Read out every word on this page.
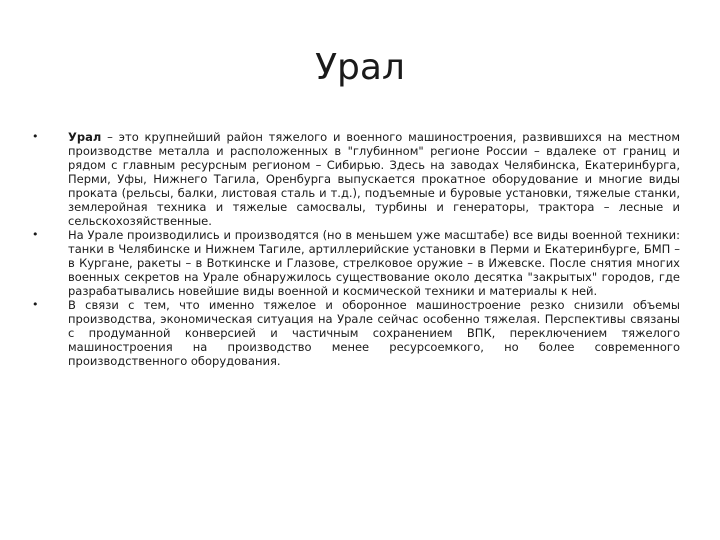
Урал
•	Урал – это крупнейший район тяжелого и военного машиностроения, развившихся на местном производстве металла и расположенных в "глубинном" регионе России – вдалеке от границ и рядом с главным ресурсным регионом – Сибирью. Здесь на заводах Челябинска, Екатеринбурга, Перми, Уфы, Нижнего Тагила, Оренбурга выпускается прокатное оборудование и многие виды проката (рельсы, балки, листовая сталь и т.д.), подъемные и буровые установки, тяжелые станки, землеройная техника и тяжелые самосвалы, турбины и генераторы, трактора – лесные и сельскохозяйственные.
•	На Урале производились и производятся (но в меньшем уже масштабе) все виды военной техники: танки в Челябинске и Нижнем Тагиле, артиллерийские установки в Перми и Екатеринбурге, БМП – в Кургане, ракеты – в Воткинске и Глазове, стрелковое оружие – в Ижевске. После снятия многих военных секретов на Урале обнаружилось существование около десятка "закрытых" городов, где разрабатывались новейшие виды военной и космической техники и материалы к ней.
•	В связи с тем, что именно тяжелое и оборонное машиностроение резко снизили объемы производства, экономическая ситуация на Урале сейчас особенно тяжелая. Перспективы связаны с продуманной конверсией и частичным сохранением ВПК, переключением тяжелого машиностроения на производство менее ресурсоемкого, но более современного производственного оборудования.
